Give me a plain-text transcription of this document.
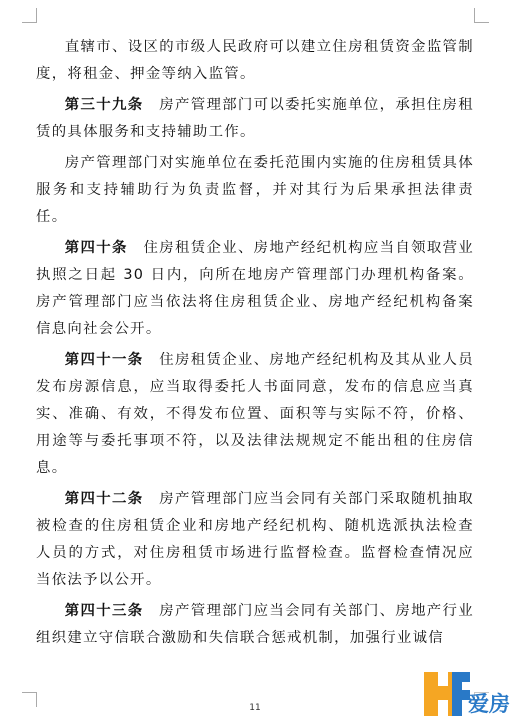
直辖市、设区的市级人民政府可以建立住房租赁资金监管制度，将租金、押金等纳入监管。

第三十九条　房产管理部门可以委托实施单位，承担住房租赁的具体服务和支持辅助工作。

房产管理部门对实施单位在委托范围内实施的住房租赁具体服务和支持辅助行为负责监督，并对其行为后果承担法律责任。

第四十条　住房租赁企业、房地产经纪机构应当自领取营业执照之日起 30 日内，向所在地房产管理部门办理机构备案。房产管理部门应当依法将住房租赁企业、房地产经纪机构备案信息向社会公开。

第四十一条　住房租赁企业、房地产经纪机构及其从业人员发布房源信息，应当取得委托人书面同意，发布的信息应当真实、准确、有效，不得发布位置、面积等与实际不符，价格、用途等与委托事项不符，以及法律法规规定不能出租的住房信息。

第四十二条　房产管理部门应当会同有关部门采取随机抽取被检查的住房租赁企业和房地产经纪机构、随机选派执法检查人员的方式，对住房租赁市场进行监督检查。监督检查情况应当依法予以公开。

第四十三条　房产管理部门应当会同有关部门、房地产行业组织建立守信联合激励和失信联合惩戒机制，加强行业诚信

11	爱房
